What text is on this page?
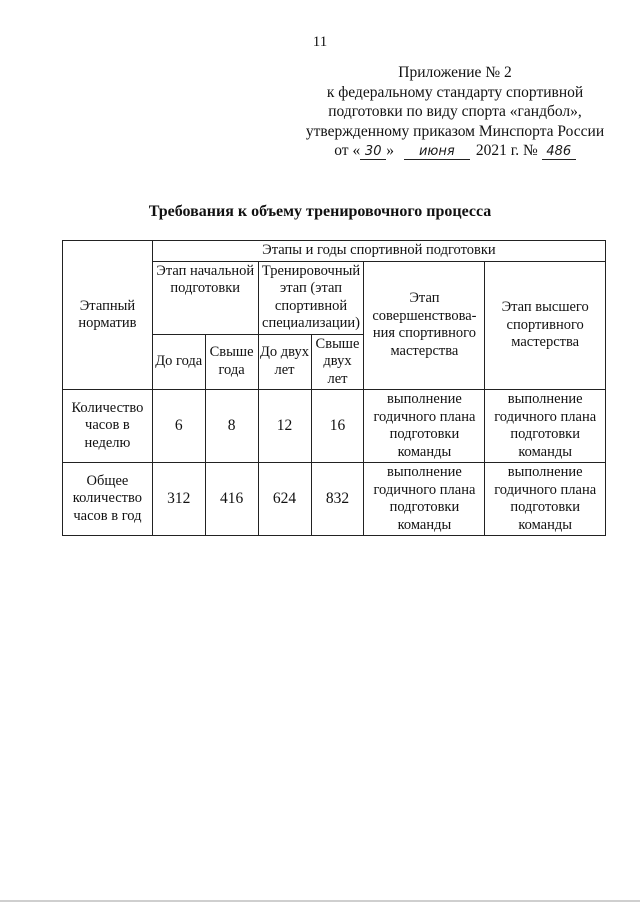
11
Приложение № 2
к федеральному стандарту спортивной
подготовки по виду спорта «гандбол»,
утвержденному приказом Минспорта России
от « 30 » июня 2021 г. № 486
Требования к объему тренировочного процесса
Этапный норматив	Этапы и годы спортивной подготовки					
	Этап начальной подготовки		Тренировочный этап (этап спортивной специализации)		Этап совершенствова-ния спортивного мастерства	Этап высшего спортивного мастерства
	До года	Свыше года	До двух лет	Свыше двух лет		
Количество часов в неделю	6	8	12	16	выполнение годичного плана подготовки команды	выполнение годичного плана подготовки команды
Общее количество часов в год	312	416	624	832	выполнение годичного плана подготовки команды	выполнение годичного плана подготовки команды
